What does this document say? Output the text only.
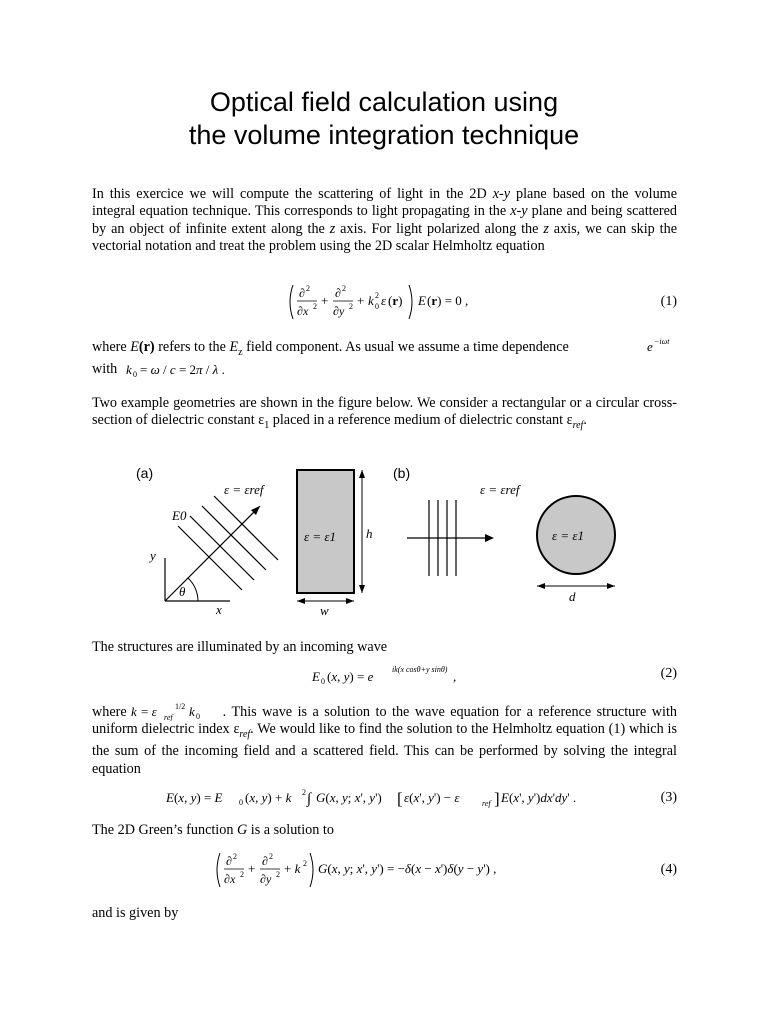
Optical field calculation using
the volume integration technique
In this exercice we will compute the scattering of light in the 2D x-y plane based on the volume integral equation technique. This corresponds to light propagating in the x-y plane and being scattered by an object of infinite extent along the z axis. For light polarized along the z axis, we can skip the vectorial notation and treat the problem using the 2D scalar Helmholtz equation
∂ 2
∂x 2 + ∂ 2
∂y 2 + k 2
0 ε (r) E (r) = 0 ,	(1)
where E(r) refers to the $E_z$ field component. As usual we assume a time dependence	e −iωt
with k 0 = ω / c = 2π / λ .
Two example geometries are shown in the figure below. We consider a rectangular or a circular cross-section of dielectric constant $\varepsilon_1$ placed in a reference medium of dielectric constant $\varepsilon_{ref}$.
(a)
ε = εref
y
x
θ
E0
ε = ε1 h
w
(b)
ε = εref
ε = ε1
d
The structures are illuminated by an incoming wave
E 0 (x, y) = e ik(x cosθ+y sinθ) ,	(2)
where k = ε ref
1/2 k 0 . This wave is a solution to the wave equation for a reference structure with uniform dielectric index $\varepsilon_{ref}$. We would like to find the solution to the Helmholtz equation (1) which is the sum of the incoming field and a scattered field. This can be performed by solving the integral equation
E(x, y) = E 0 (x, y) + k 2 ∫ G(x, y; x', y') [ ε(x', y') − ε	ref ] E(x', y')dx'dy' .	(3)
The 2D Green’s function G is a solution to
∂ 2
∂x 2 + ∂ 2
∂y 2 + k 2 G(x, y; x', y') = −δ(x − x')δ(y − y') ,	(4)
and is given by
